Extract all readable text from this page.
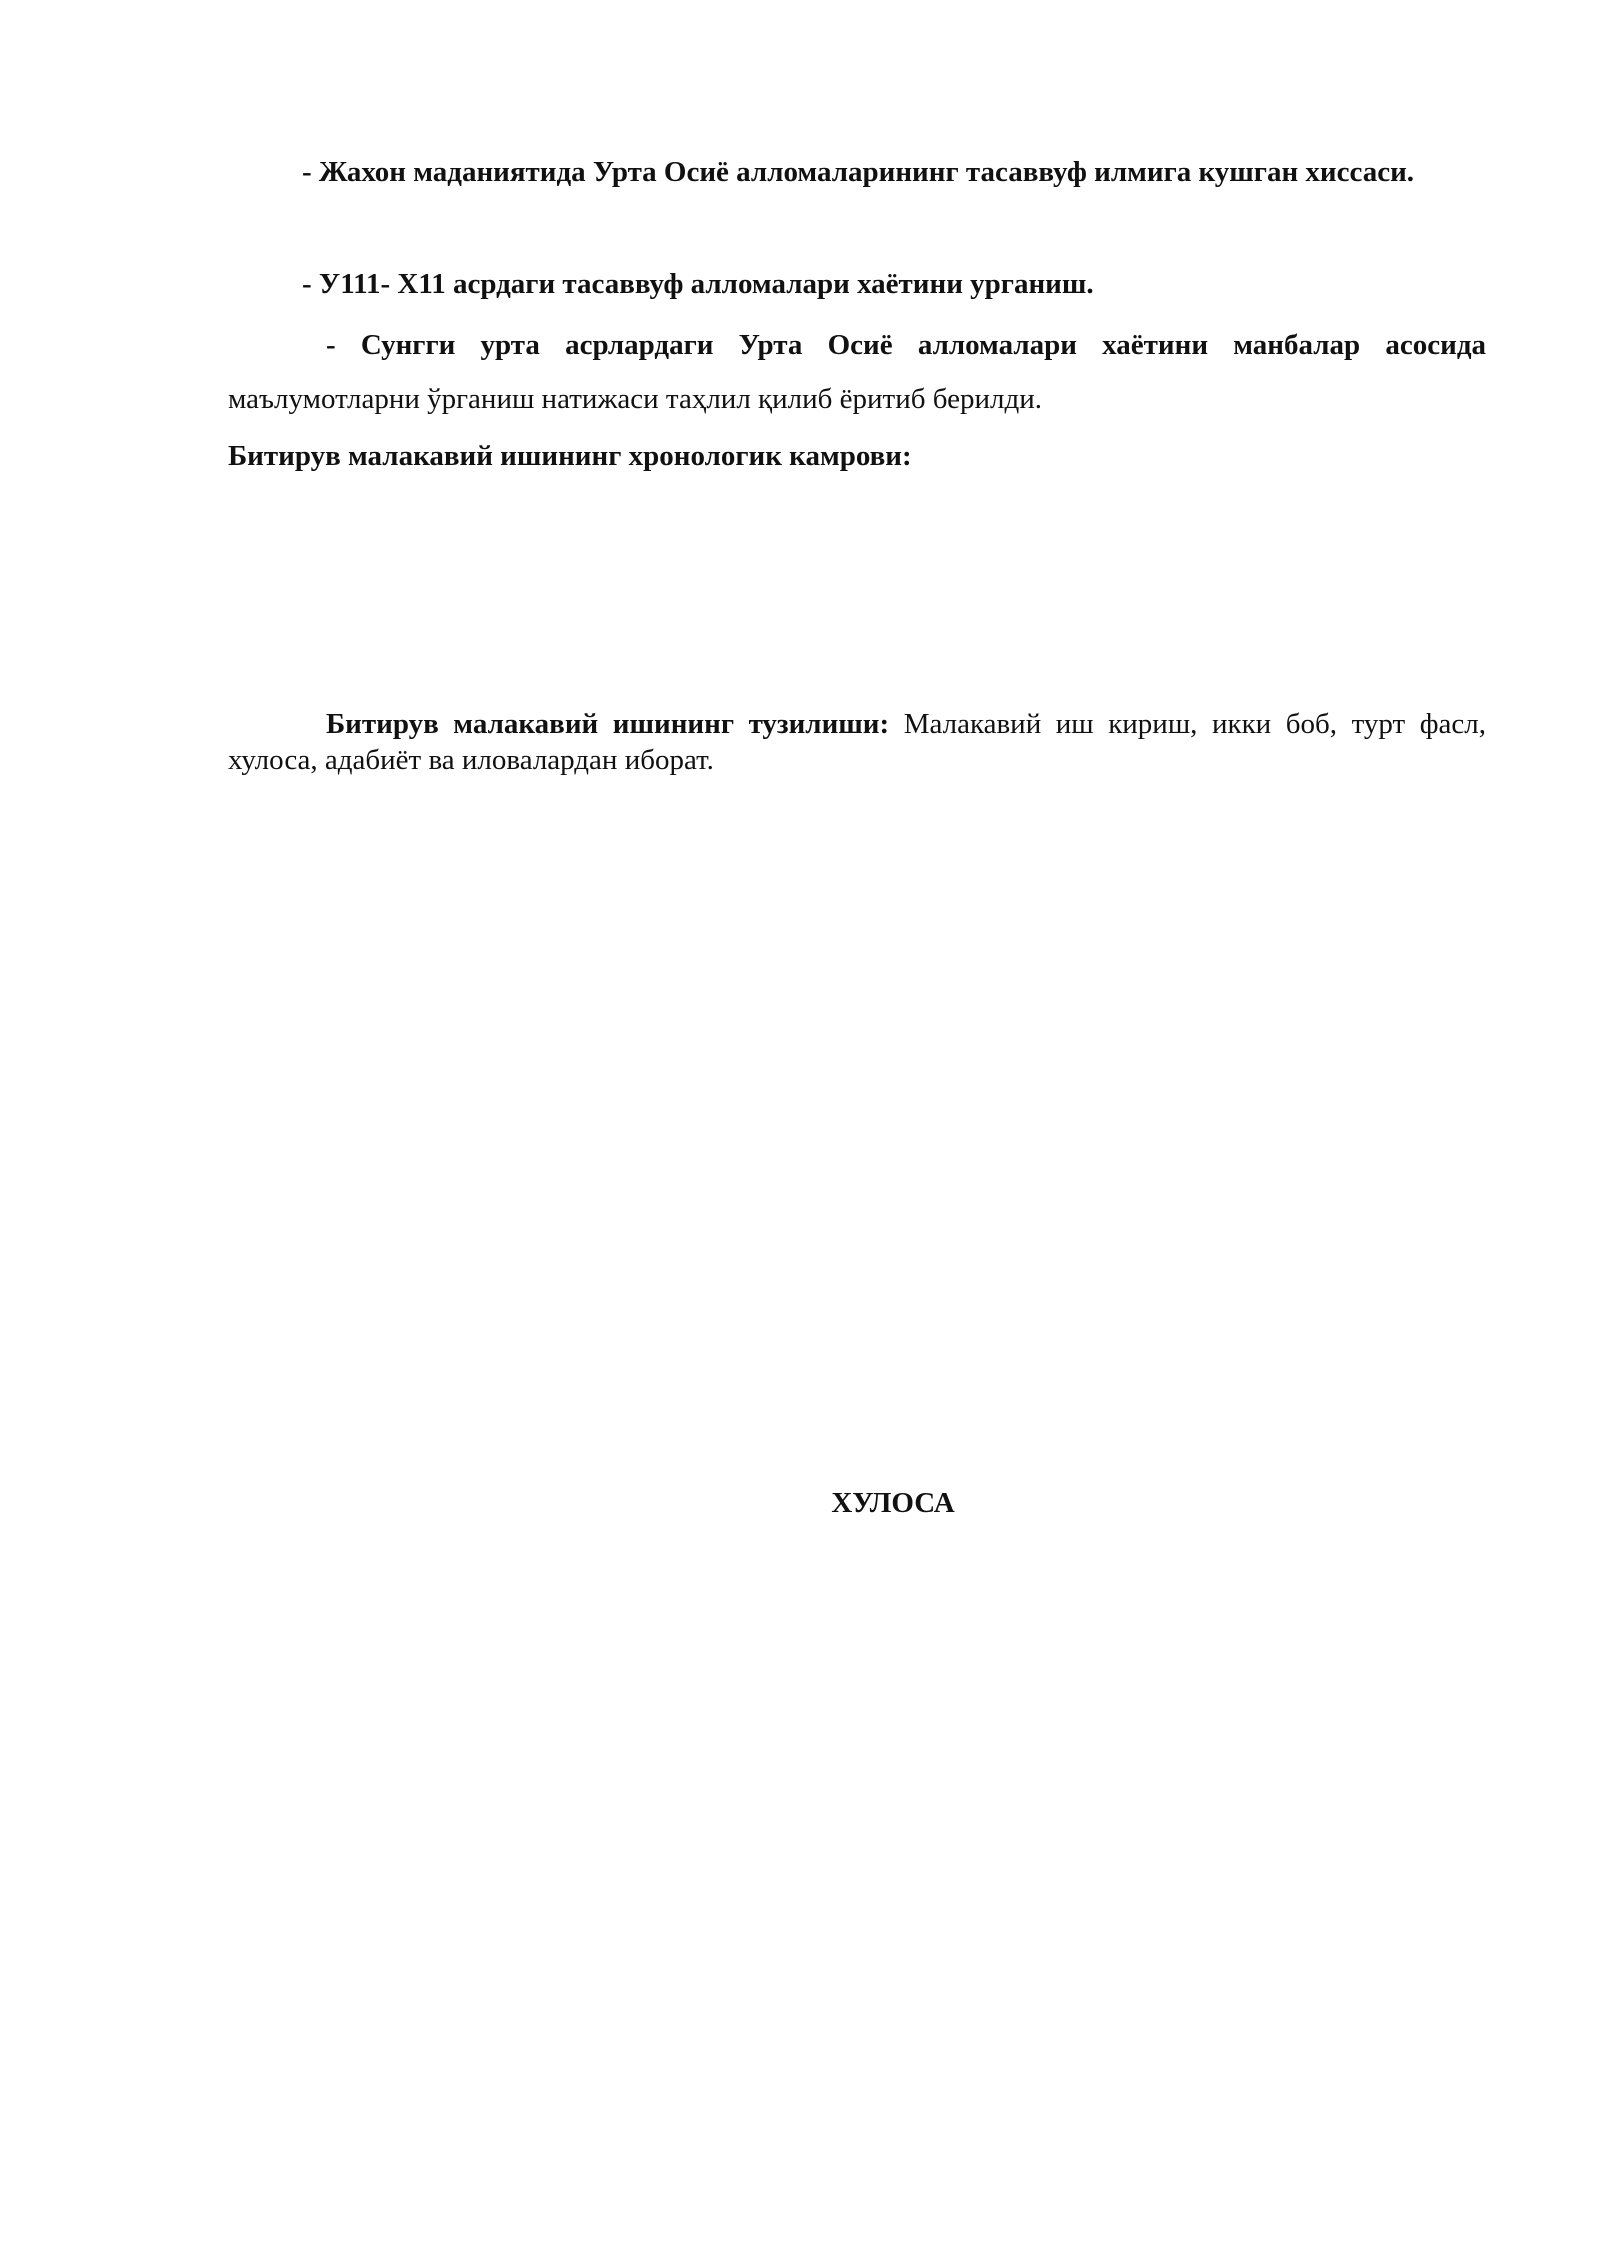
- Жахон маданиятида Урта Осиё алломаларининг тасаввуф илмига кушган хиссаси.

- У111- Х11 асрдаги тасаввуф алломалари хаётини урганиш.

- Сунгги урта асрлардаги Урта Осиё алломалари хаётини манбалар асосида маълумотларни ўрганиш натижаси таҳлил қилиб ёритиб берилди.

Битирув малакавий ишининг хронологик камрови:

Битирув малакавий ишининг тузилиши: Малакавий иш кириш, икки боб, турт фасл, хулоса, адабиёт ва иловалардан иборат.

ХУЛОСА
